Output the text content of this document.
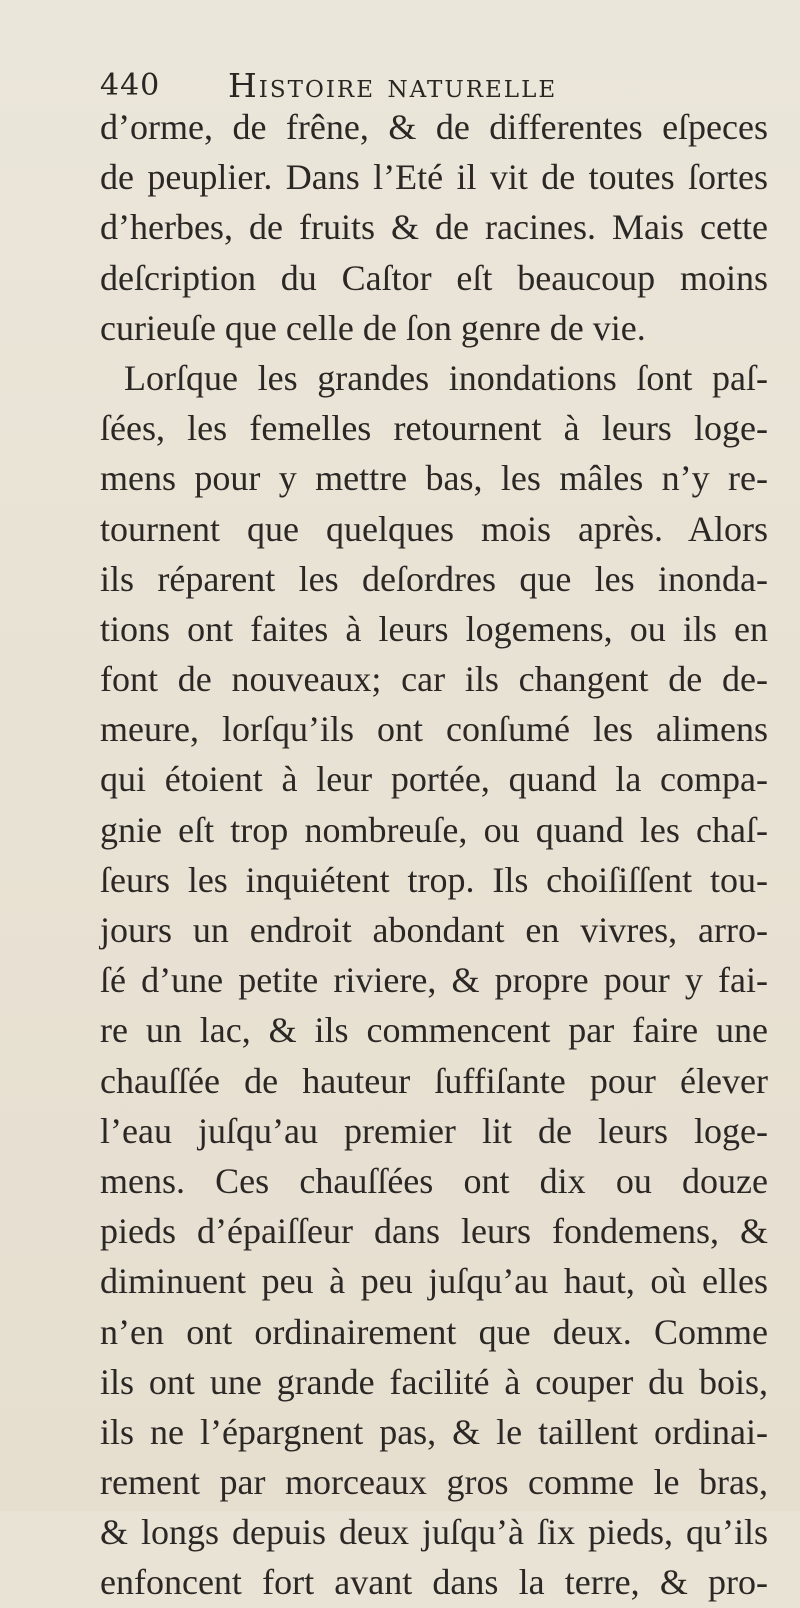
440 Histoire naturelle
d’orme, de frêne, & de differentes eſpeces
de peuplier. Dans l’Eté il vit de toutes ſortes
d’herbes, de fruits & de racines. Mais cette
deſcription du Caſtor eſt beaucoup moins
curieuſe que celle de ſon genre de vie.
Lorſque les grandes inondations ſont paſ-
ſées, les femelles retournent à leurs loge-
mens pour y mettre bas, les mâles n’y re-
tournent que quelques mois après. Alors
ils réparent les deſordres que les inonda-
tions ont faites à leurs logemens, ou ils en
font de nouveaux; car ils changent de de-
meure, lorſqu’ils ont conſumé les alimens
qui étoient à leur portée, quand la compa-
gnie eſt trop nombreuſe, ou quand les chaſ-
ſeurs les inquiétent trop. Ils choiſiſſent tou-
jours un endroit abondant en vivres, arro-
ſé d’une petite riviere, & propre pour y fai-
re un lac, & ils commencent par faire une
chauſſée de hauteur ſuffiſante pour élever
l’eau juſqu’au premier lit de leurs loge-
mens. Ces chauſſées ont dix ou douze
pieds d’épaiſſeur dans leurs fondemens, &
diminuent peu à peu juſqu’au haut, où elles
n’en ont ordinairement que deux. Comme
ils ont une grande facilité à couper du bois,
ils ne l’épargnent pas, & le taillent ordinai-
rement par morceaux gros comme le bras,
& longs depuis deux juſqu’à ſix pieds, qu’ils
enfoncent fort avant dans la terre, & pro-
